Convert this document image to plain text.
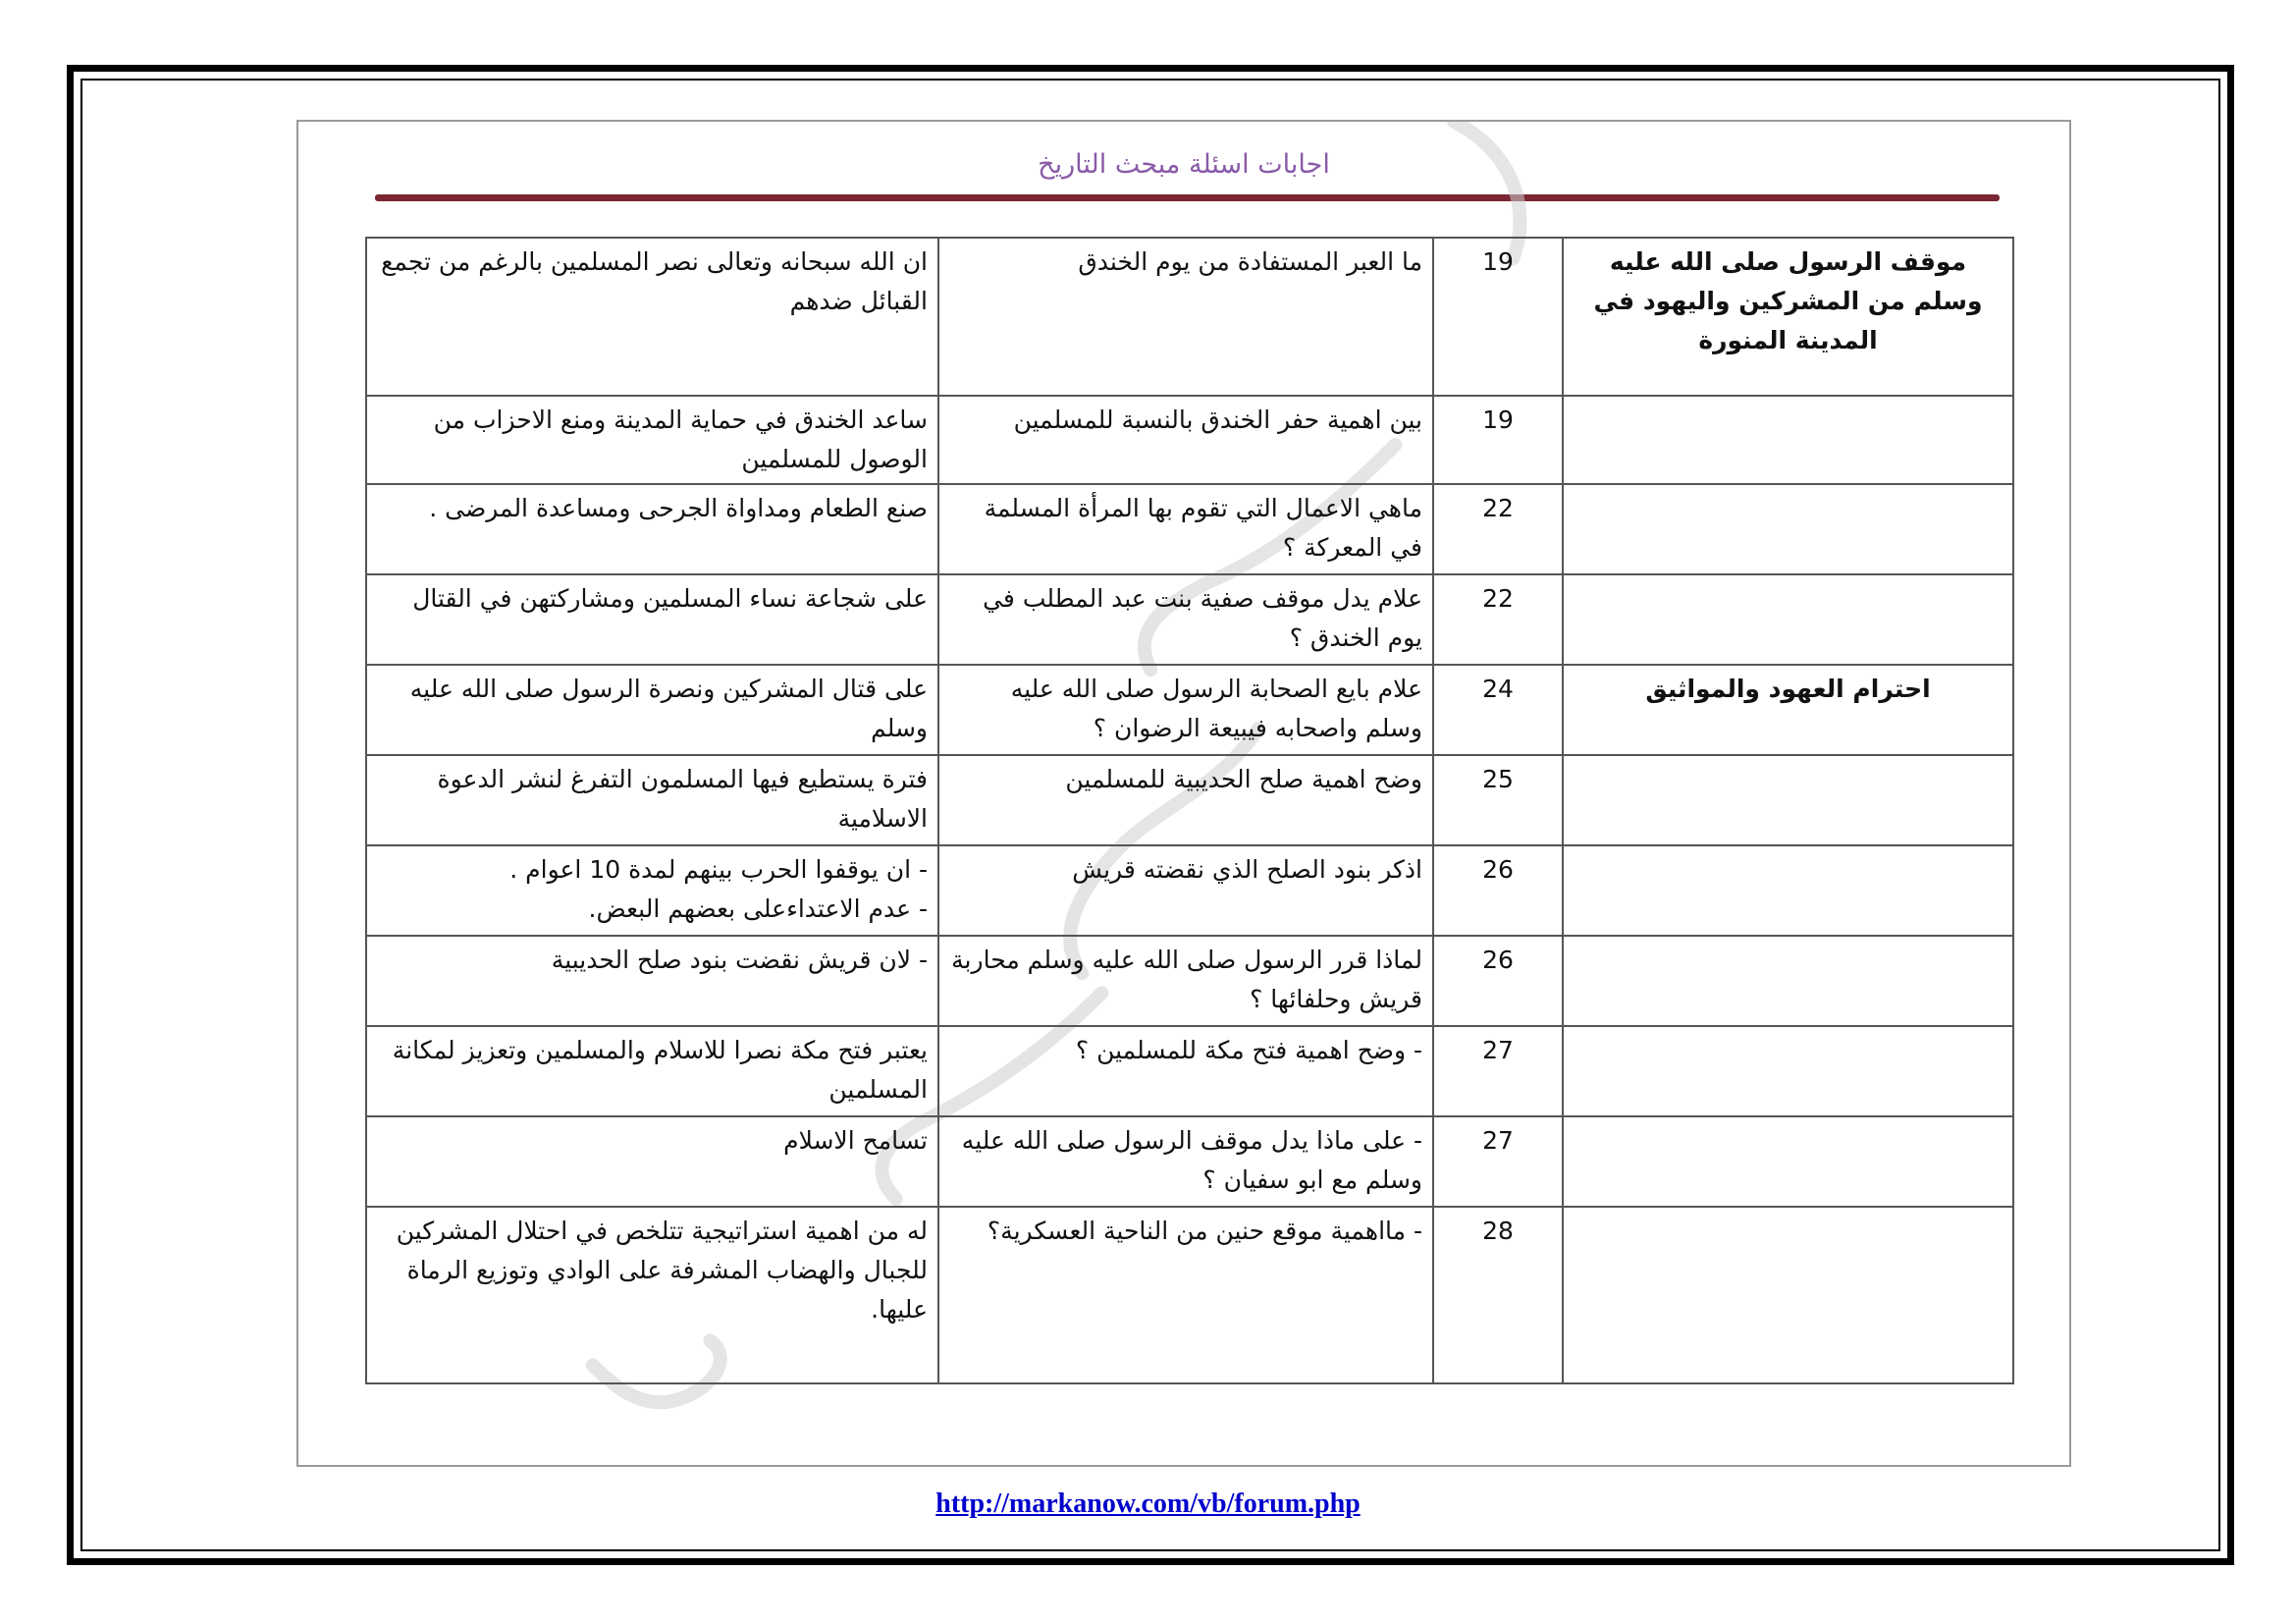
اجابات اسئلة مبحث التاريخ
موقف الرسول صلى الله عليه وسلم من المشركين واليهود في المدينة المنورة	19	ما العبر المستفادة من يوم الخندق	ان الله سبحانه وتعالى نصر المسلمين بالرغم من تجمع القبائل ضدهم
	19	بين اهمية حفر الخندق بالنسبة للمسلمين	ساعد الخندق في حماية المدينة ومنع الاحزاب من الوصول للمسلمين
	22	ماهي الاعمال التي تقوم بها المرأة المسلمة في المعركة ؟	صنع الطعام ومداواة الجرحى ومساعدة المرضى .
	22	علام يدل موقف صفية بنت عبد المطلب في يوم الخندق ؟	على شجاعة نساء المسلمين ومشاركتهن في القتال
احترام العهود والمواثيق	24	علام بايع الصحابة الرسول صلى الله عليه وسلم واصحابه فيبيعة الرضوان ؟	على قتال المشركين ونصرة الرسول صلى الله عليه وسلم
	25	وضح اهمية صلح الحديبية للمسلمين	فترة يستطيع فيها المسلمون التفرغ لنشر الدعوة الاسلامية
	26	اذكر بنود الصلح الذي نقضته قريش	- ان يوقفوا الحرب بينهم لمدة 10 اعوام .
- عدم الاعتداءعلى بعضهم البعض.
	26	لماذا قرر الرسول صلى الله عليه وسلم محاربة قريش وحلفائها ؟	- لان قريش نقضت بنود صلح الحديبية
	27	- وضح اهمية فتح مكة للمسلمين ؟	يعتبر فتح مكة نصرا للاسلام والمسلمين وتعزيز لمكانة المسلمين
	27	- على ماذا يدل موقف الرسول صلى الله عليه وسلم مع ابو سفيان ؟	تسامح الاسلام
	28	- مااهمية موقع حنين من الناحية العسكرية؟	له من اهمية استراتيجية تتلخص في احتلال المشركين للجبال والهضاب المشرفة على الوادي وتوزيع الرماة عليها.
http://markanow.com/vb/forum.php
